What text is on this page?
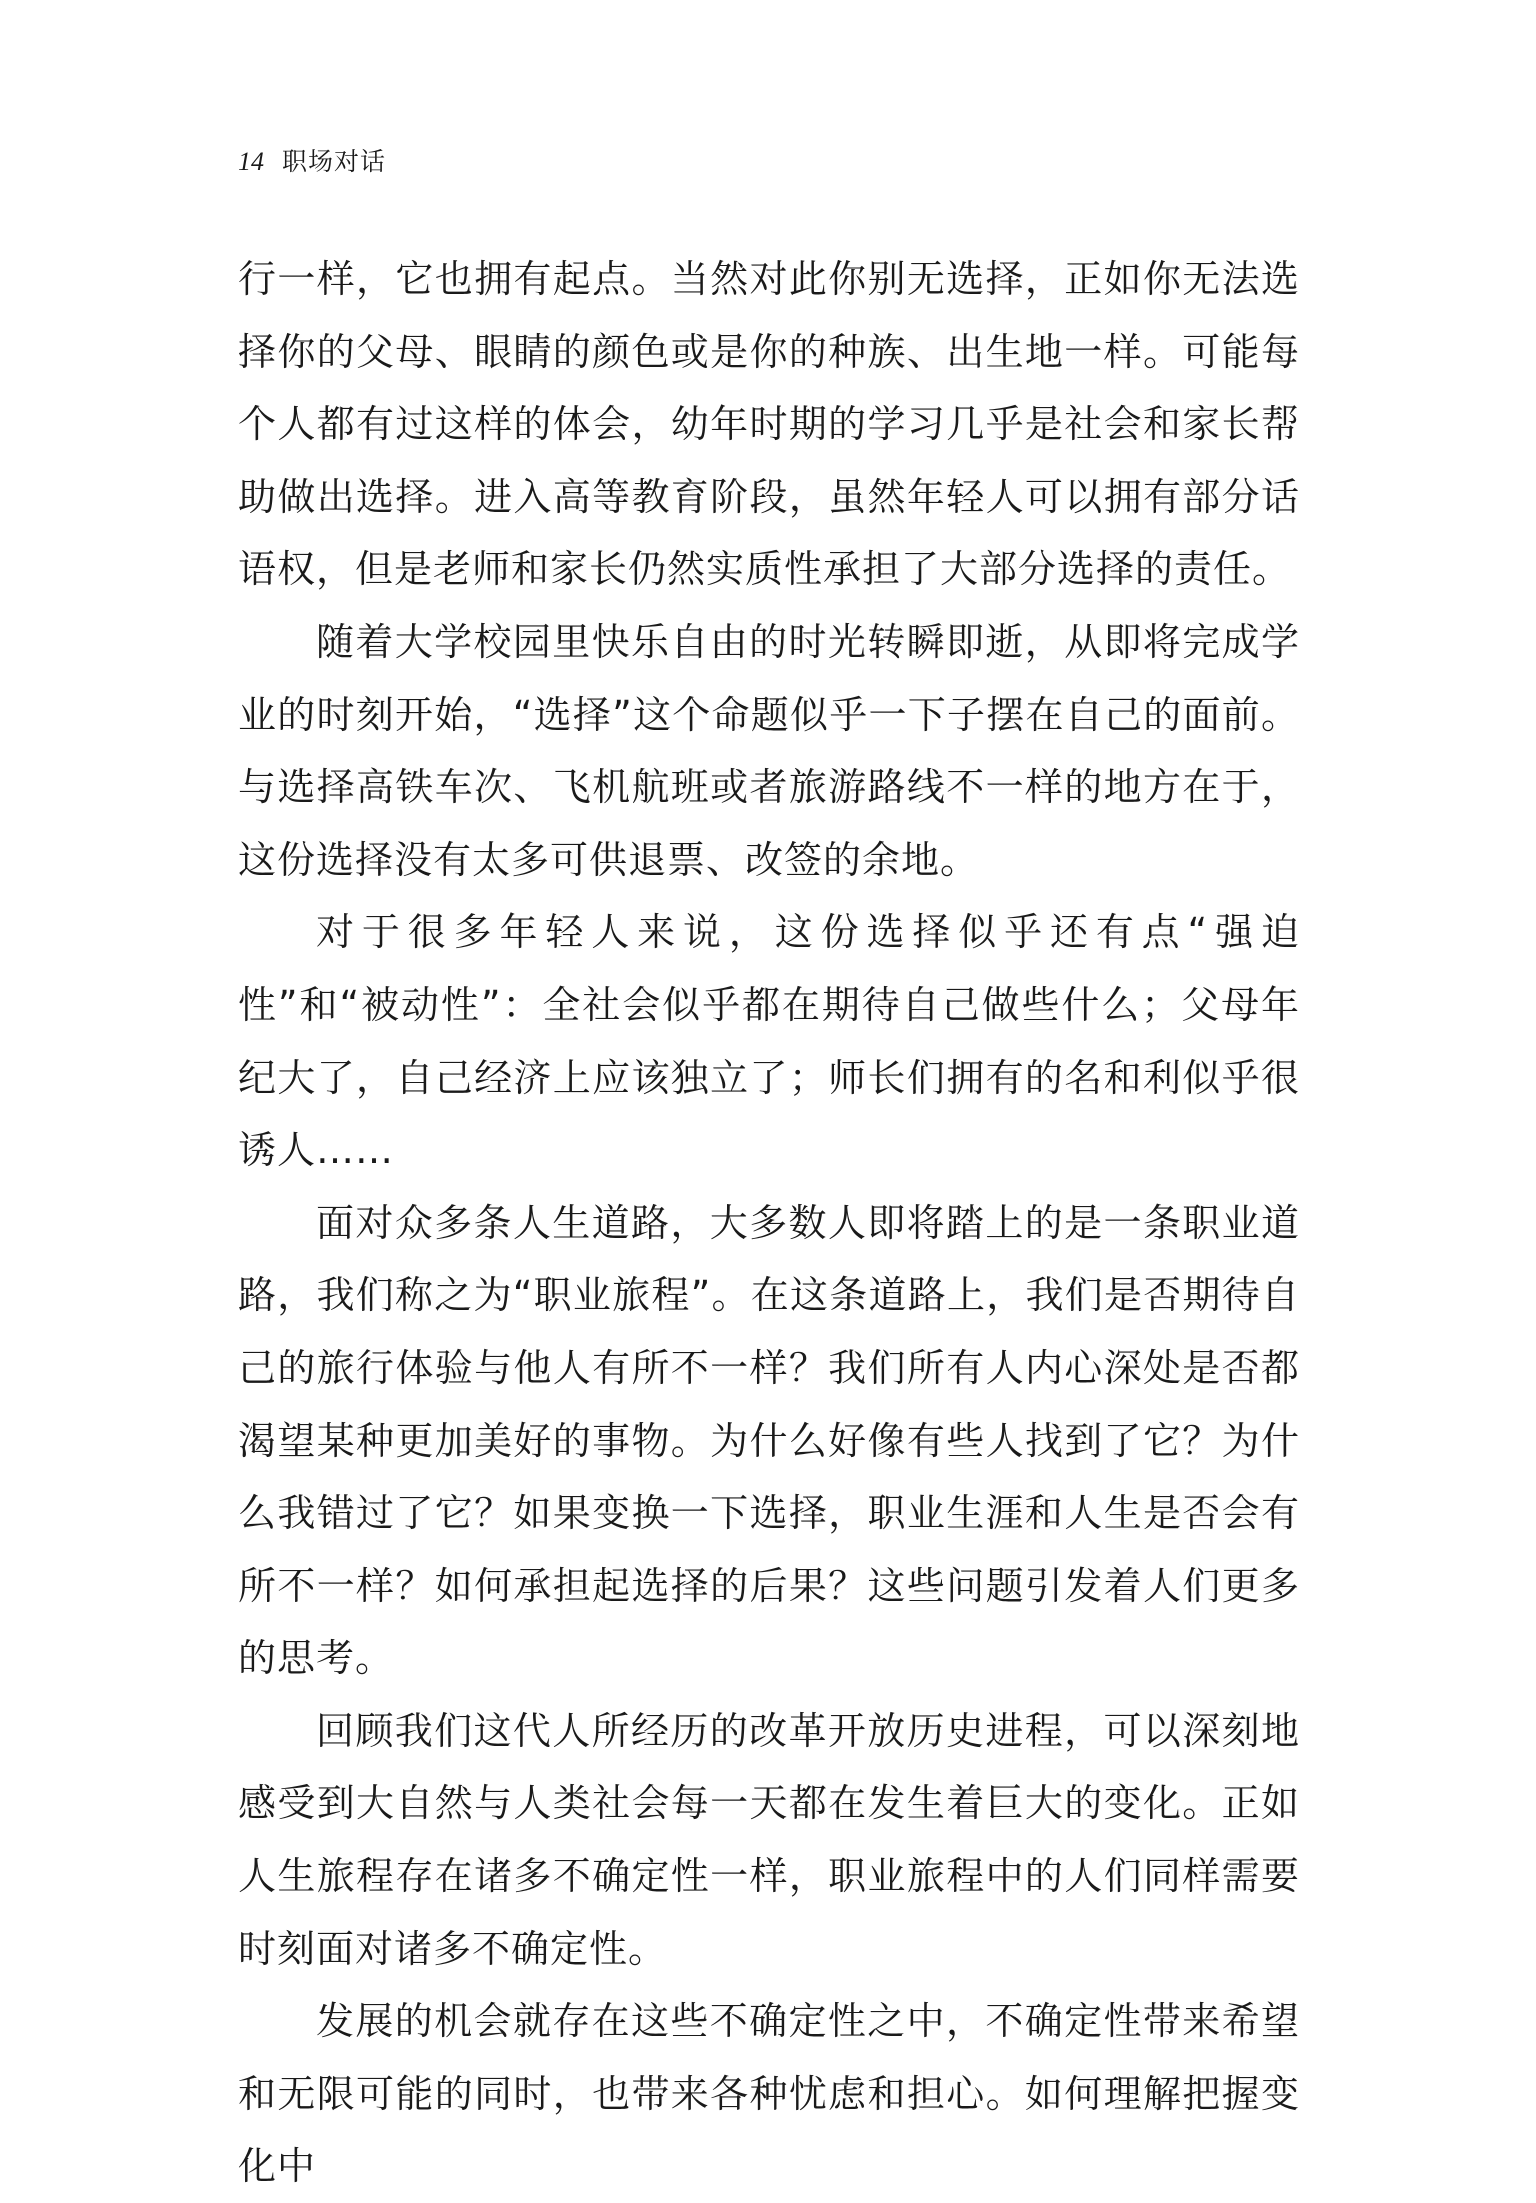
14 职场对话

行一样，它也拥有起点。当然对此你别无选择，正如你无法选择你的父母、眼睛的颜色或是你的种族、出生地一样。可能每个人都有过这样的体会，幼年时期的学习几乎是社会和家长帮助做出选择。进入高等教育阶段，虽然年轻人可以拥有部分话语权，但是老师和家长仍然实质性承担了大部分选择的责任。

随着大学校园里快乐自由的时光转瞬即逝，从即将完成学业的时刻开始，“选择”这个命题似乎一下子摆在自己的面前。与选择高铁车次、飞机航班或者旅游路线不一样的地方在于，这份选择没有太多可供退票、改签的余地。

对于很多年轻人来说，这份选择似乎还有点“强迫性”和“被动性”：全社会似乎都在期待自己做些什么；父母年纪大了，自己经济上应该独立了；师长们拥有的名和利似乎很诱人……

面对众多条人生道路，大多数人即将踏上的是一条职业道路，我们称之为“职业旅程”。在这条道路上，我们是否期待自己的旅行体验与他人有所不一样？我们所有人内心深处是否都渴望某种更加美好的事物。为什么好像有些人找到了它？为什么我错过了它？如果变换一下选择，职业生涯和人生是否会有所不一样？如何承担起选择的后果？这些问题引发着人们更多的思考。

回顾我们这代人所经历的改革开放历史进程，可以深刻地感受到大自然与人类社会每一天都在发生着巨大的变化。正如人生旅程存在诸多不确定性一样，职业旅程中的人们同样需要时刻面对诸多不确定性。

发展的机会就存在这些不确定性之中，不确定性带来希望和无限可能的同时，也带来各种忧虑和担心。如何理解把握变化中
